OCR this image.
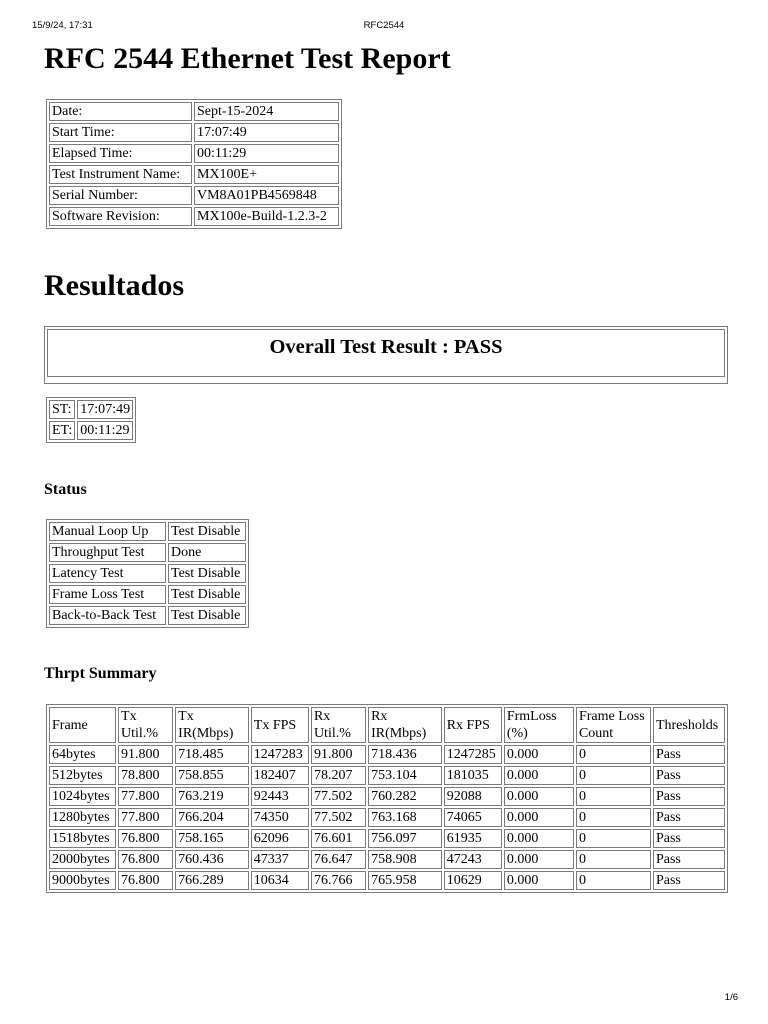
15/9/24, 17:31	RFC2544
RFC 2544 Ethernet Test Report
Date:	Sept-15-2024
Start Time:	17:07:49
Elapsed Time:	00:11:29
Test Instrument Name:	MX100E+
Serial Number:	VM8A01PB4569848
Software Revision:	MX100e-Build-1.2.3-2
Resultados
Overall Test Result : PASS
ST:	17:07:49
ET:	00:11:29
Status
Manual Loop Up	Test Disable
Throughput Test	Done
Latency Test	Test Disable
Frame Loss Test	Test Disable
Back-to-Back Test	Test Disable
Thrpt Summary
Frame	Tx Util.%	Tx IR(Mbps)	Tx FPS	Rx Util.%	Rx IR(Mbps)	Rx FPS	FrmLoss (%)	Frame Loss Count	Thresholds
64bytes	91.800	718.485	1247283	91.800	718.436	1247285	0.000	0	Pass
512bytes	78.800	758.855	182407	78.207	753.104	181035	0.000	0	Pass
1024bytes	77.800	763.219	92443	77.502	760.282	92088	0.000	0	Pass
1280bytes	77.800	766.204	74350	77.502	763.168	74065	0.000	0	Pass
1518bytes	76.800	758.165	62096	76.601	756.097	61935	0.000	0	Pass
2000bytes	76.800	760.436	47337	76.647	758.908	47243	0.000	0	Pass
9000bytes	76.800	766.289	10634	76.766	765.958	10629	0.000	0	Pass
1/6
